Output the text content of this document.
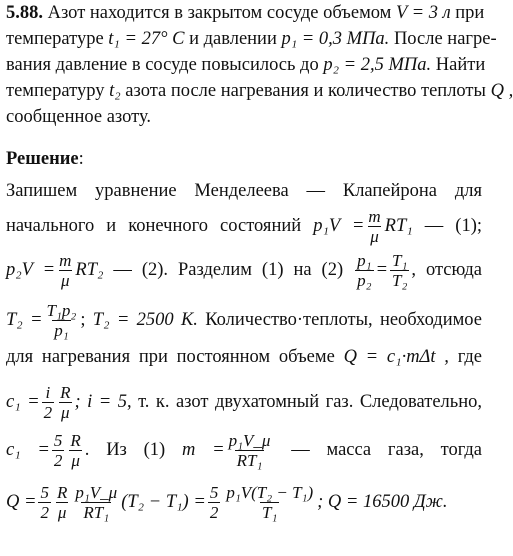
5.88. Азот находится в закрытом сосуде объемом V = 3 л при
температуре t₁ = 27° C и давлении p₁ = 0,3 МПа. После нагре-
вания давление в сосуде повысилось до p₂ = 2,5 МПа. Найти
температуру t₂ азота после нагревания и количество теплоты Q ,
сообщенное азоту.
Решение:
Запишем уравнение Менделеева — Клапейрона для
начального и конечного состояний $p_1V = \frac{m}{\mu} RT_1$ — (1);
$p_2V = \frac{m}{\mu} RT_2$ — (2). Разделим (1) на $(2) \frac{\text{p₁}}{\text{p₂}} = \frac{\text{T₁}}{\text{T₂}}$ , отсюда
$T_2 = \frac{\text{T₁p₂}}{\text{p₁}}$ ; T₂ = 2500 К. Количество·теплоты, необходимое
для нагревания при постоянном объеме Q = c₁·mΔt , где
$c_1 = \frac{i}{2} \frac{R}{\mu}$ ; i = 5, т. к. азот двухатомный газ. Следовательно,
$c_1 = \frac{5}{2} \frac{R}{\mu}$ . Из (1) $m = \frac{\text{p₁V\_μ}}{\text{RT₁}}$ — масса газа, тогда
$Q = \frac{5}{2} \frac{R}{\mu} \frac{\text{p₁V\_μ}}{\text{RT₁}} (T_2 - T_1) = \frac{5}{2} \frac{\text{p₁V(T₂ − T₁)}}{\text{T₁}}$ ; Q = 16500 Дж.
